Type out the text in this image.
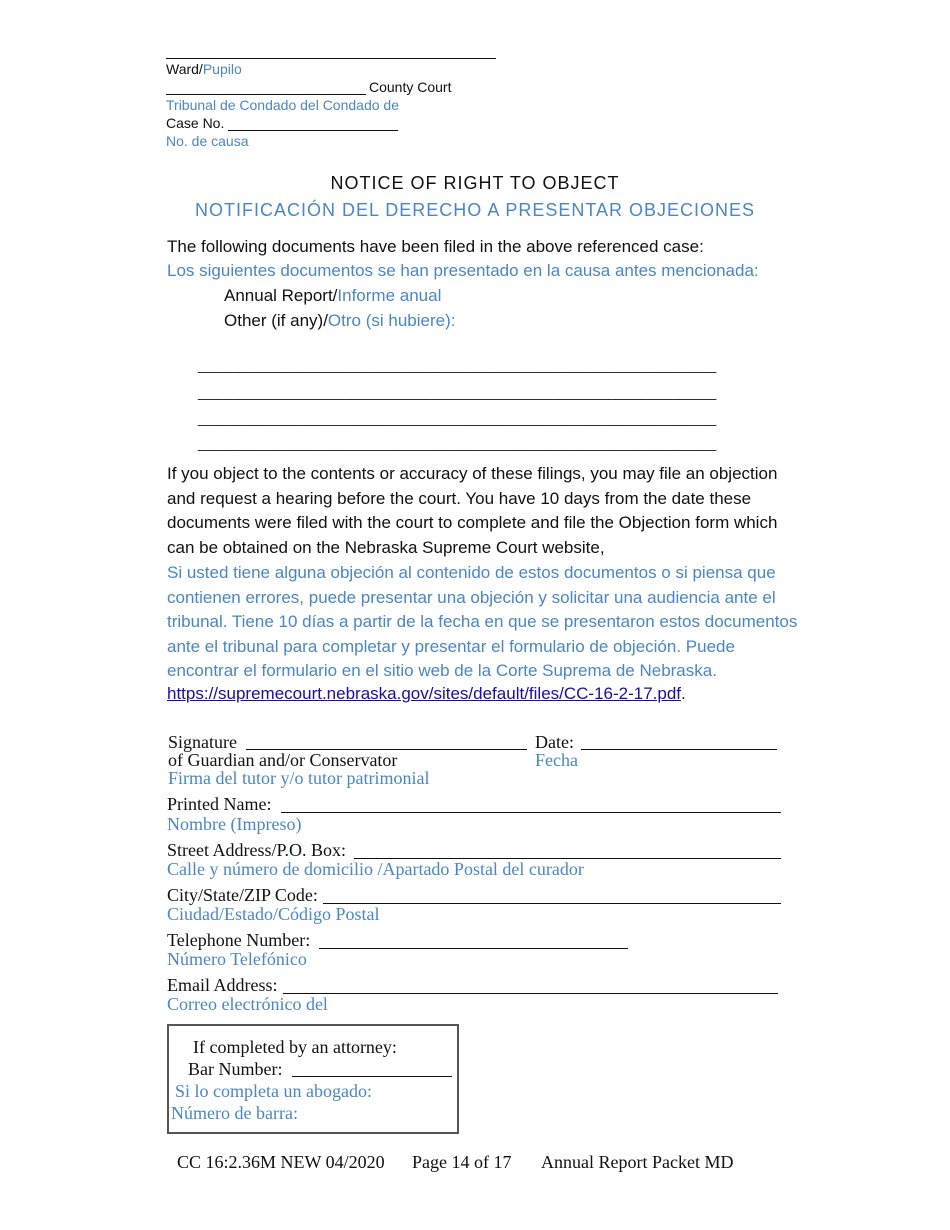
Ward/Pupilo
County Court
Tribunal de Condado del Condado de
Case No.
No. de causa
NOTICE OF RIGHT TO OBJECT
NOTIFICACIÓN DEL DERECHO A PRESENTAR OBJECIONES
The following documents have been filed in the above referenced case:
Los siguientes documentos se han presentado en la causa antes mencionada:
Annual Report/Informe anual
Other (if any)/Otro (si hubiere):
____________________________________________________________
____________________________________________________________
____________________________________________________________
____________________________________________________________
If you object to the contents or accuracy of these filings, you may file an objection and request a hearing before the court. You have 10 days from the date these documents were filed with the court to complete and file the Objection form which can be obtained on the Nebraska Supreme Court website,
Si usted tiene alguna objeción al contenido de estos documentos o si piensa que contienen errores, puede presentar una objeción y solicitar una audiencia ante el tribunal. Tiene 10 días a partir de la fecha en que se presentaron estos documentos ante el tribunal para completar y presentar el formulario de objeción. Puede encontrar el formulario en el sitio web de la Corte Suprema de Nebraska.
https://supremecourt.nebraska.gov/sites/default/files/CC-16-2-17.pdf.
Signature
of Guardian and/or Conservator
Firma del tutor y/o tutor patrimonial
Date:
Fecha
Printed Name:
Nombre (Impreso)
Street Address/P.O. Box:
Calle y número de domicilio /Apartado Postal del curador
City/State/ZIP Code:
Ciudad/Estado/Código Postal
Telephone Number:
Número Telefónico
Email Address:
Correo electrónico del
If completed by an attorney:
Bar Number:
Si lo completa un abogado:
Número de barra:
CC 16:2.36M NEW 04/2020 Page 14 of 17 Annual Report Packet MD
